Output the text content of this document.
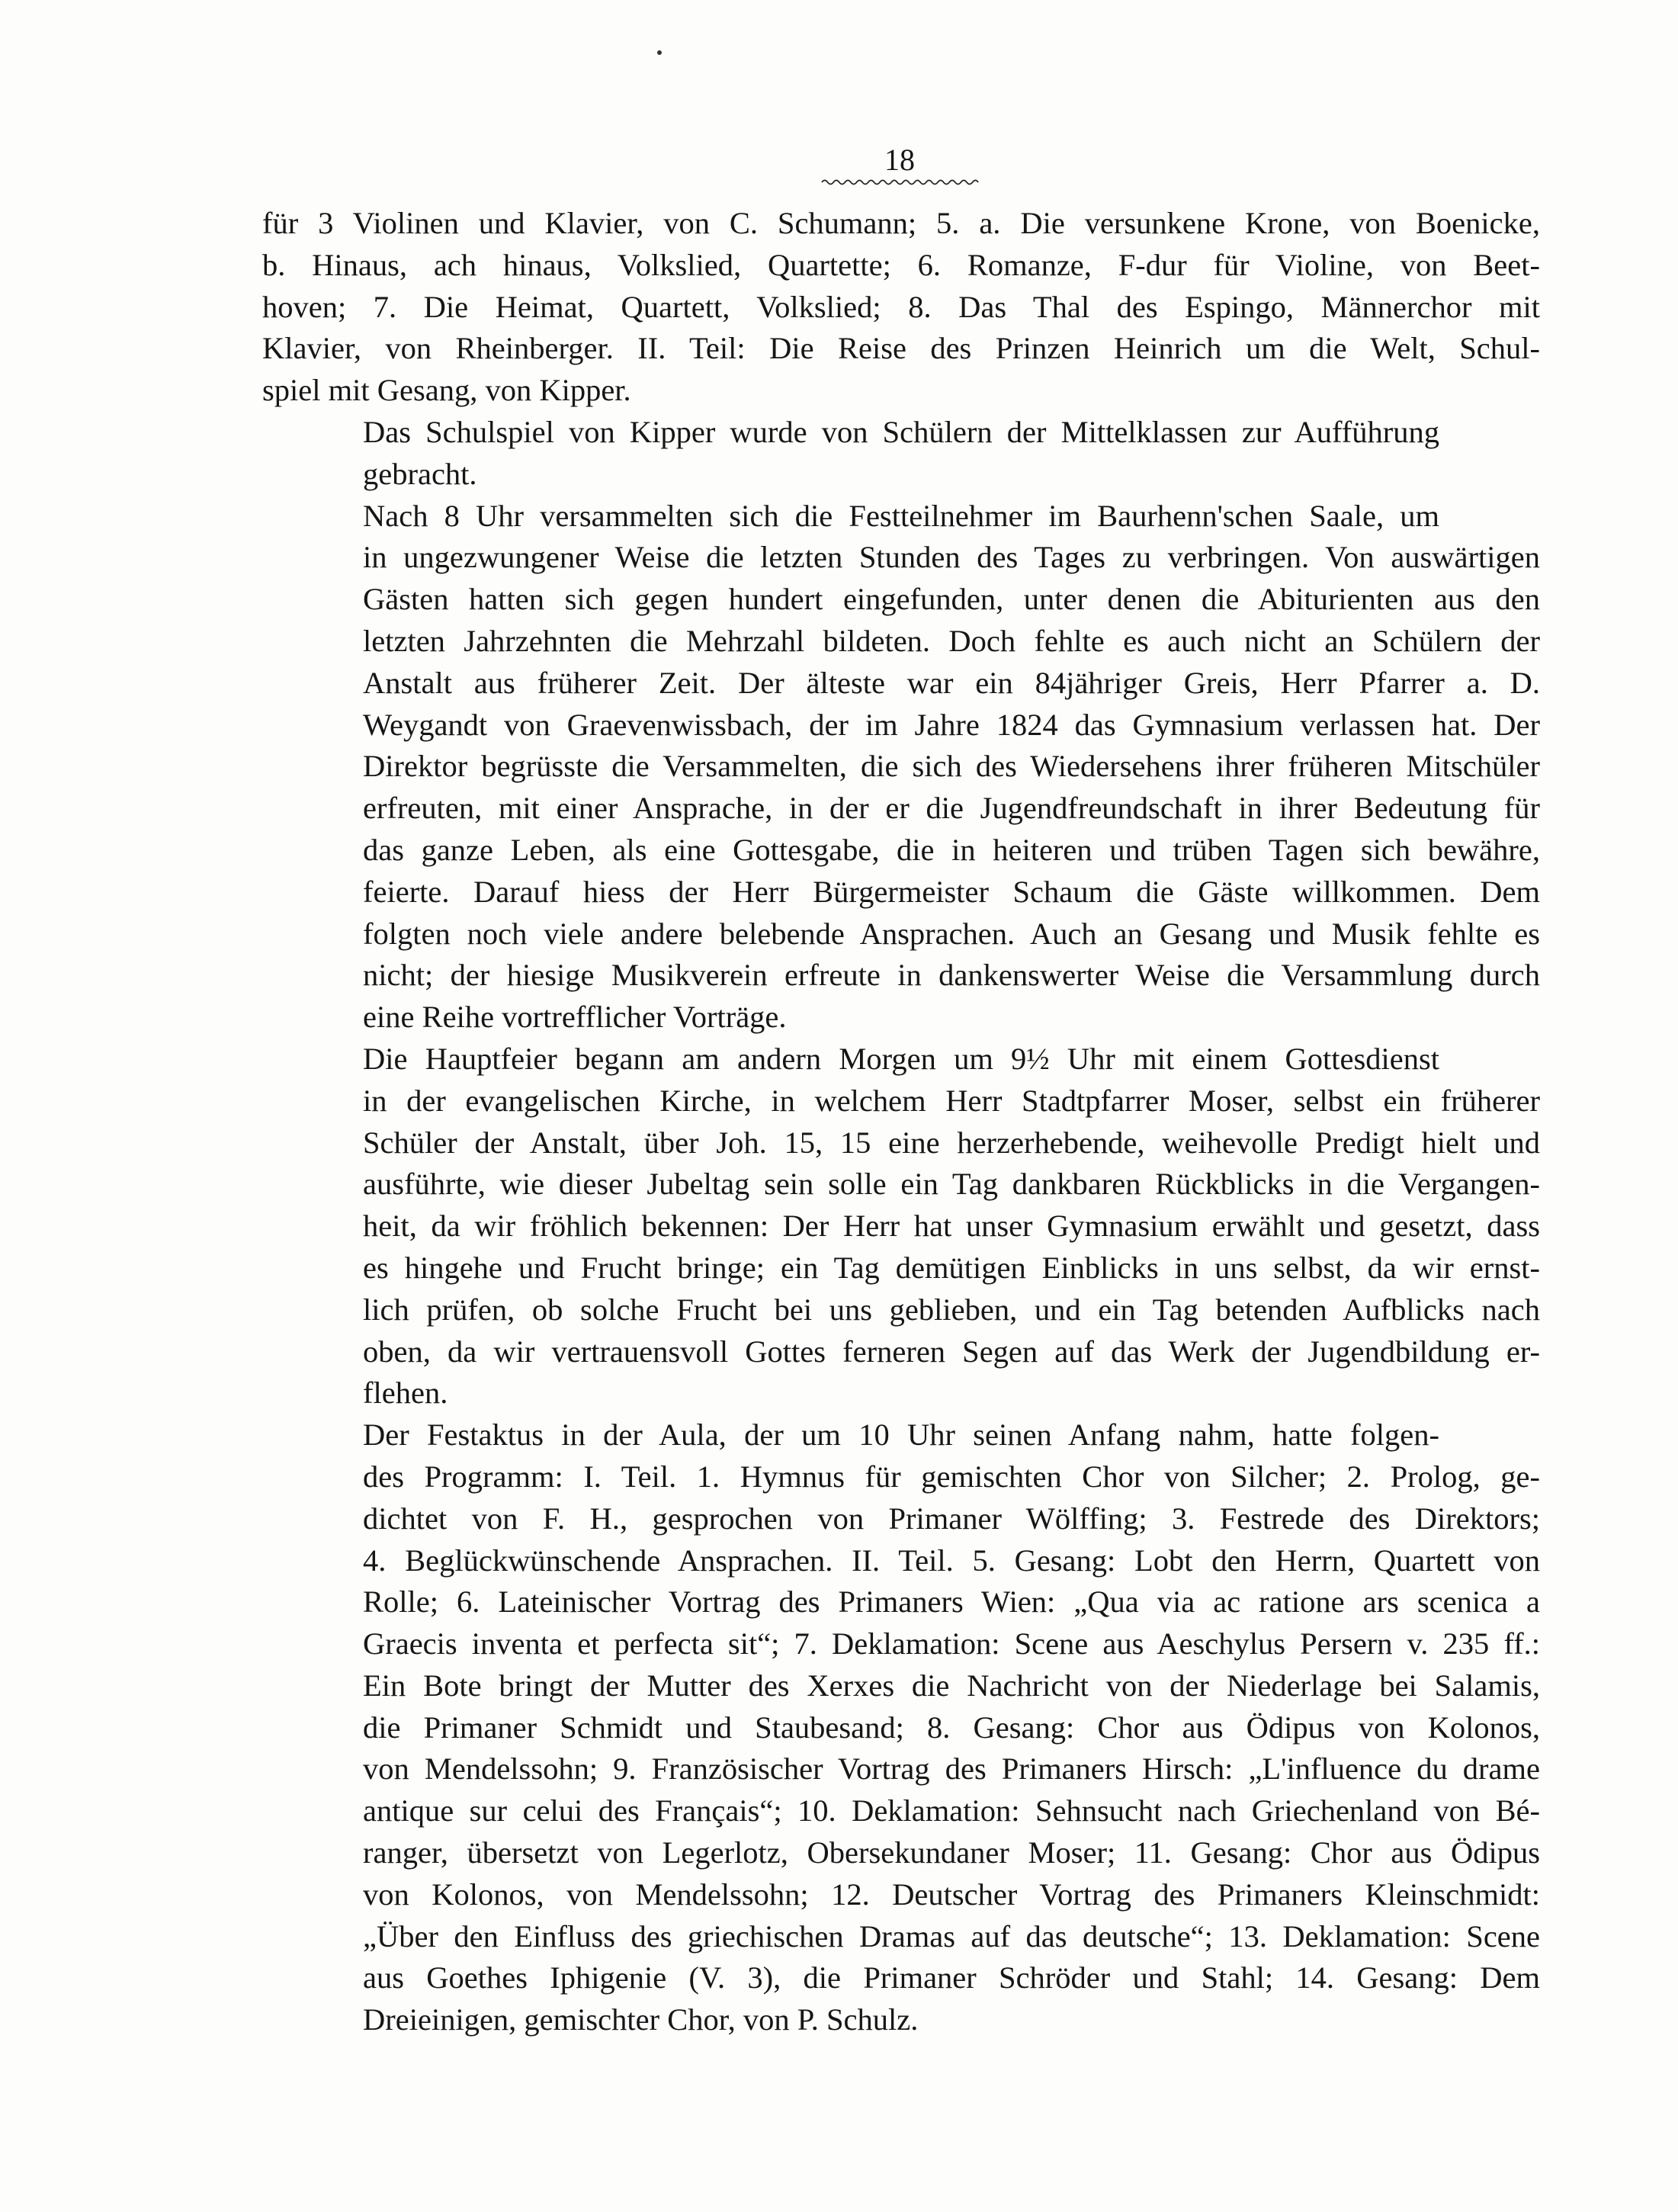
18

für 3 Violinen und Klavier, von C. Schumann; 5. a. Die versunkene Krone, von Boenicke,
b. Hinaus, ach hinaus, Volkslied, Quartette; 6. Romanze, F-dur für Violine, von Beet-
hoven; 7. Die Heimat, Quartett, Volkslied; 8. Das Thal des Espingo, Männerchor mit
Klavier, von Rheinberger. II. Teil: Die Reise des Prinzen Heinrich um die Welt, Schul-
spiel mit Gesang, von Kipper.

Das Schulspiel von Kipper wurde von Schülern der Mittelklassen zur Aufführung
gebracht.

Nach 8 Uhr versammelten sich die Festteilnehmer im Baurhenn'schen Saale, um
in ungezwungener Weise die letzten Stunden des Tages zu verbringen. Von auswärtigen
Gästen hatten sich gegen hundert eingefunden, unter denen die Abiturienten aus den
letzten Jahrzehnten die Mehrzahl bildeten. Doch fehlte es auch nicht an Schülern der
Anstalt aus früherer Zeit. Der älteste war ein 84jähriger Greis, Herr Pfarrer a. D.
Weygandt von Graevenwissbach, der im Jahre 1824 das Gymnasium verlassen hat. Der
Direktor begrüsste die Versammelten, die sich des Wiedersehens ihrer früheren Mitschüler
erfreuten, mit einer Ansprache, in der er die Jugendfreundschaft in ihrer Bedeutung für
das ganze Leben, als eine Gottesgabe, die in heiteren und trüben Tagen sich bewähre,
feierte. Darauf hiess der Herr Bürgermeister Schaum die Gäste willkommen. Dem
folgten noch viele andere belebende Ansprachen. Auch an Gesang und Musik fehlte es
nicht; der hiesige Musikverein erfreute in dankenswerter Weise die Versammlung durch
eine Reihe vortrefflicher Vorträge.

Die Hauptfeier begann am andern Morgen um 9½ Uhr mit einem Gottesdienst
in der evangelischen Kirche, in welchem Herr Stadtpfarrer Moser, selbst ein früherer
Schüler der Anstalt, über Joh. 15, 15 eine herzerhebende, weihevolle Predigt hielt und
ausführte, wie dieser Jubeltag sein solle ein Tag dankbaren Rückblicks in die Vergangen-
heit, da wir fröhlich bekennen: Der Herr hat unser Gymnasium erwählt und gesetzt, dass
es hingehe und Frucht bringe; ein Tag demütigen Einblicks in uns selbst, da wir ernst-
lich prüfen, ob solche Frucht bei uns geblieben, und ein Tag betenden Aufblicks nach
oben, da wir vertrauensvoll Gottes ferneren Segen auf das Werk der Jugendbildung er-
flehen.

Der Festaktus in der Aula, der um 10 Uhr seinen Anfang nahm, hatte folgen-
des Programm: I. Teil. 1. Hymnus für gemischten Chor von Silcher; 2. Prolog, ge-
dichtet von F. H., gesprochen von Primaner Wölffing; 3. Festrede des Direktors;
4. Beglückwünschende Ansprachen. II. Teil. 5. Gesang: Lobt den Herrn, Quartett von
Rolle; 6. Lateinischer Vortrag des Primaners Wien: „Qua via ac ratione ars scenica a
Graecis inventa et perfecta sit“; 7. Deklamation: Scene aus Aeschylus Persern v. 235 ff.:
Ein Bote bringt der Mutter des Xerxes die Nachricht von der Niederlage bei Salamis,
die Primaner Schmidt und Staubesand; 8. Gesang: Chor aus Ödipus von Kolonos,
von Mendelssohn; 9. Französischer Vortrag des Primaners Hirsch: „L'influence du drame
antique sur celui des Français“; 10. Deklamation: Sehnsucht nach Griechenland von Bé-
ranger, übersetzt von Legerlotz, Obersekundaner Moser; 11. Gesang: Chor aus Ödipus
von Kolonos, von Mendelssohn; 12. Deutscher Vortrag des Primaners Kleinschmidt:
„Über den Einfluss des griechischen Dramas auf das deutsche“; 13. Deklamation: Scene
aus Goethes Iphigenie (V. 3), die Primaner Schröder und Stahl; 14. Gesang: Dem
Dreieinigen, gemischter Chor, von P. Schulz.
